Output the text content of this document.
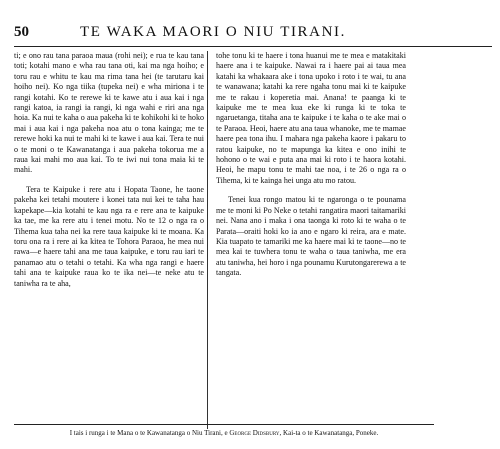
50	TE WAKA MAORI O NIU TIRANI.

ti; e ono rau tana paraoa maua (rohi nei); e rua te kau tana toti; kotahi mano e wha rau tana oti, kai ma nga hoiho; e toru rau e whitu te kau ma rima tana hei (te tarutaru kai hoiho nei). Ko nga tiika (tupeka nei) e wha miriona i te rangi kotahi. Ko te rerewe ki te kawe atu i aua kai i nga rangi katoa, ia rangi ia rangi, ki nga wahi e riri ana nga hoia. Ka nui te kaha o aua pakeha ki te kohikohi ki te hoko mai i aua kai i nga pakeha noa atu o tona kainga; me te rerewe hoki ka nui te mahi ki te kawe i aua kai. Tera te nui o te moni o te Kawanatanga i aua pakeha tokorua me a raua kai mahi mo aua kai. To te iwi nui tona maia ki te mahi.

Tera te Kaipuke i rere atu i Hopata Taone, he taone pakeha kei tetahi moutere i konei tata nui kei te taha hau kapekape—kia kotahi te kau nga ra e rere ana te kaipuke ka tae, me ka rere atu i tenei motu. No te 12 o nga ra o Tihema kua taha nei ka rere taua kaipuke ki te moana. Ka toru ona ra i rere ai ka kitea te Tohora Paraoa, he mea nui rawa—e haere tahi ana me taua kaipuke, e toru rau iari te panamao atu o tetahi o tetahi. Ka wha nga rangi e haere tahi ana te kaipuke raua ko te ika nei—te neke atu te taniwha ra te aha,

tohe tonu ki te haere i tona huanui me te mea e matakitaki haere ana i te kaipuke. Nawai ra i haere pai ai taua mea katahi ka whakaara ake i tona upoko i roto i te wai, tu ana te wanawana; katahi ka rere ngaha tonu mai ki te kaipuke me te rakau i koperetia mai. Anana! te paanga ki te kaipuke me te mea kua eke ki runga ki te toka te ngaruetanga, titaha ana te kaipuke i te kaha o te ake mai o te Paraoa. Heoi, haere atu ana taua whanoke, me te mamae haere pea tona ihu. I mahara nga pakeha kaore i pakaru to ratou kaipuke, no te mapunga ka kitea e ono inihi te hohono o te wai e puta ana mai ki roto i te haora kotahi. Heoi, he mapu tonu te mahi tae noa, i te 26 o nga ra o Tihema, ki te kainga hei unga atu mo ratou.

Tenei kua rongo matou ki te ngaronga o te pounama me te moni ki Po Neke o tetahi rangatira maori taitamariki nei. Nana ano i maka i ona taonga ki roto ki te waha o te Parata—oraiti hoki ko ia ano e ngaro ki reira, ara e mate. Kia tuapato te tamariki me ka haere mai ki te taone—no te mea kai te tuwhera tonu te waha o taua taniwha, me era atu taniwha, hei horo i nga pounamu Kurutongarerewa a te tangata.

I tais i runga i te Mana o te Kawanatanga o Niu Tirani, e George Didsbury, Kai-ta o te Kawanatanga, Poneke.
